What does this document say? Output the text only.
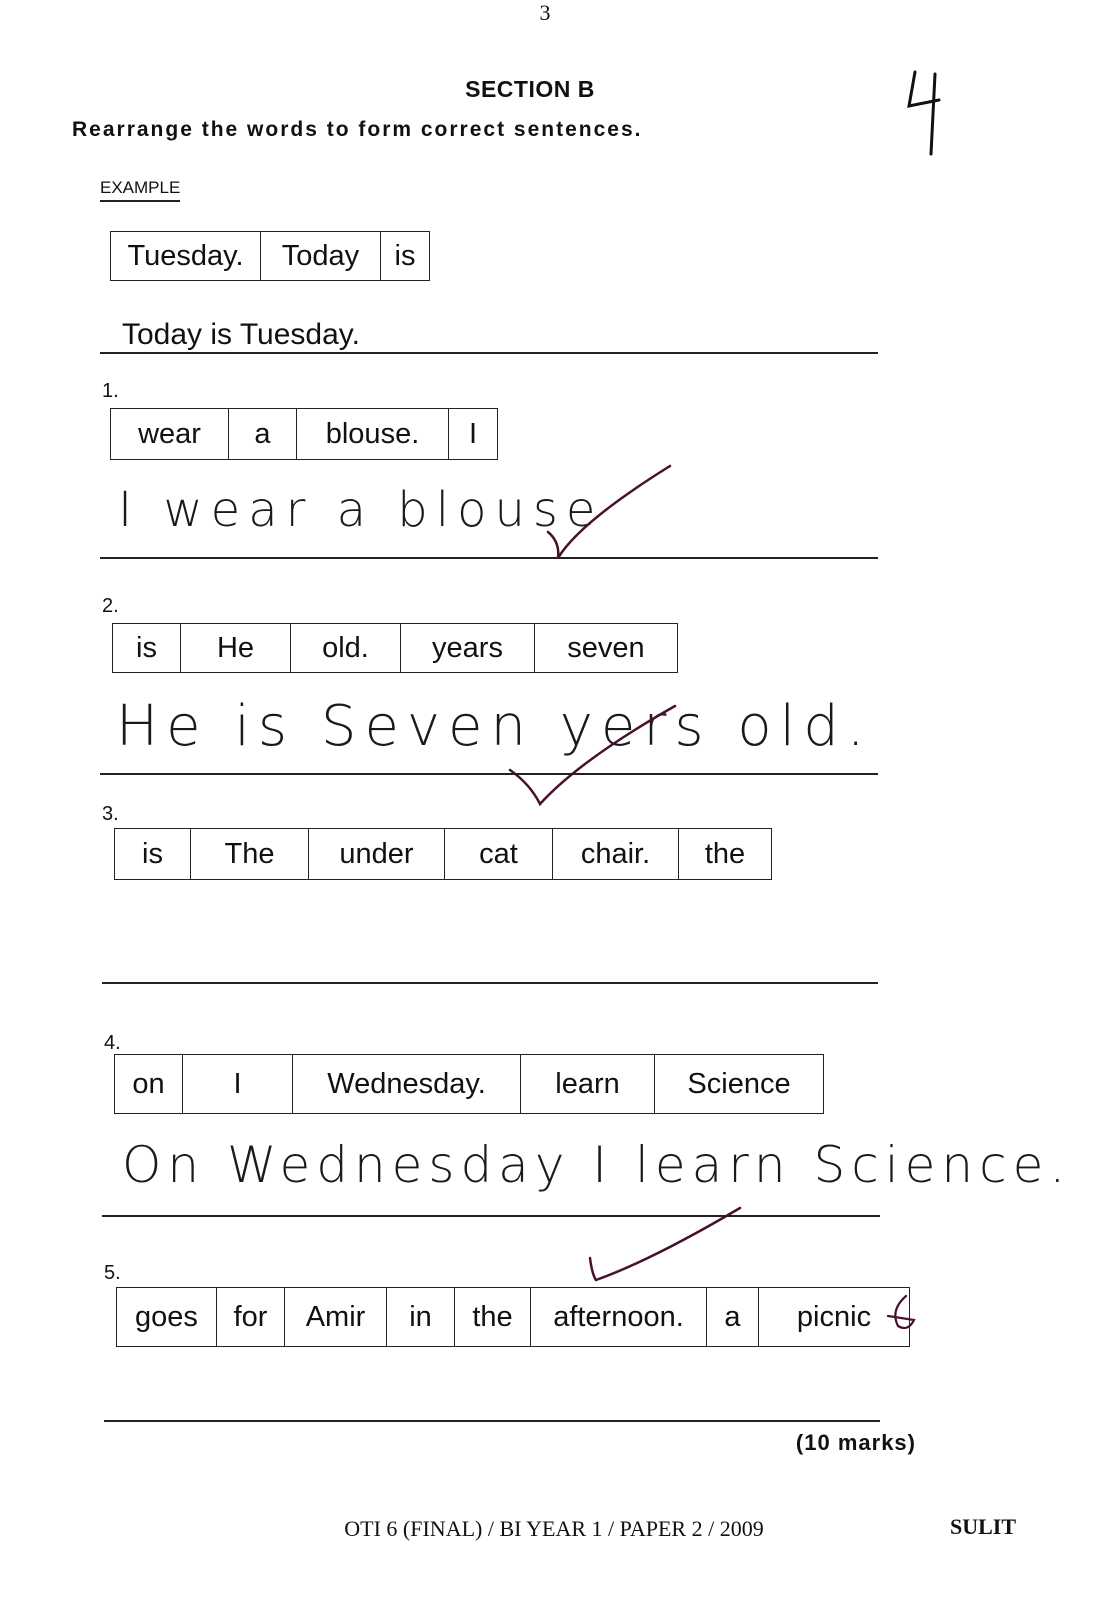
3
SECTION B
Rearrange the words to form correct sentences.
EXAMPLE
Tuesday.	Today	is
Today is Tuesday.
1.
wear	a	blouse.	I
I wear a blouse
2.
is	He	old.	years	seven
He is Seven yers old.
3.
is	The	under	cat	chair.	the
4.
on	I	Wednesday.	learn	Science
On Wednesday I learn Science.
5.
goes	for	Amir	in	the	afternoon.	a	picnic
(10 marks)
OTI 6 (FINAL) / BI YEAR 1 / PAPER 2 / 2009	SULIT
